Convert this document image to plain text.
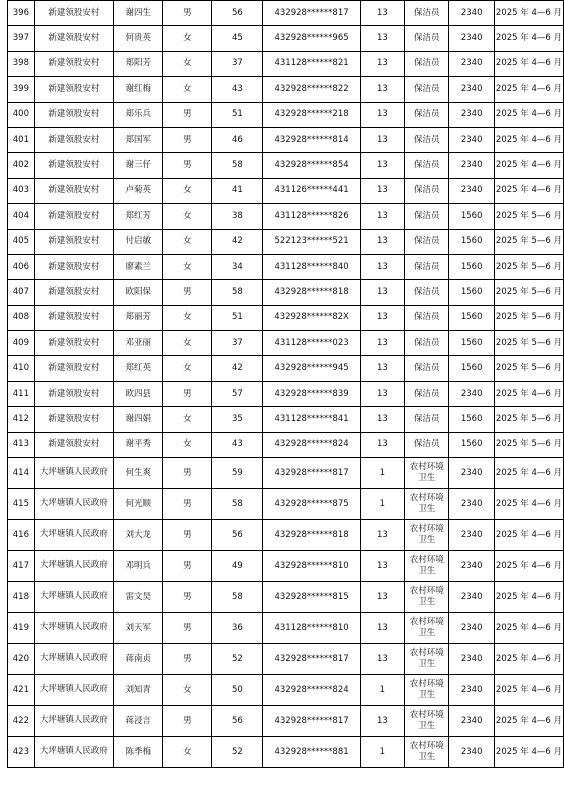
396	新建领股安村	谢四生	男	56	432928******817	13	保洁员	2340	2025 年 4—6 月
397	新建领股安村	何贵英	女	45	432928******965	13	保洁员	2340	2025 年 4—6 月
398	新建领股安村	郑阳芳	女	37	431128******821	13	保洁员	2340	2025 年 4—6 月
399	新建领股安村	谢红梅	女	43	432928******822	13	保洁员	2340	2025 年 4—6 月
400	新建领股安村	郑乐兵	男	51	432928******218	13	保洁员	2340	2025 年 4—6 月
401	新建领股安村	郑国军	男	46	432928******814	13	保洁员	2340	2025 年 4—6 月
402	新建领股安村	谢三仔	男	58	432928******854	13	保洁员	2340	2025 年 4—6 月
403	新建领股安村	卢菊英	女	41	431126******441	13	保洁员	2340	2025 年 4—6 月
404	新建领股安村	郑红芳	女	38	431128******826	13	保洁员	1560	2025 年 5—6 月
405	新建领股安村	付启敏	女	42	522123******521	13	保洁员	1560	2025 年 5—6 月
406	新建领股安村	廖素兰	女	34	431128******840	13	保洁员	1560	2025 年 5—6 月
407	新建领股安村	欧阳保	男	58	432928******818	13	保洁员	1560	2025 年 5—6 月
408	新建领股安村	郑丽芳	女	51	432928******82X	13	保洁员	1560	2025 年 5—6 月
409	新建领股安村	邓亚丽	女	37	431128******023	13	保洁员	1560	2025 年 5—6 月
410	新建领股安村	郑红英	女	42	432928******945	13	保洁员	1560	2025 年 5—6 月
411	新建领股安村	欧四县	男	57	432928******839	13	保洁员	2340	2025 年 4—6 月
412	新建领股安村	谢四娟	女	35	431128******841	13	保洁员	1560	2025 年 5—6 月
413	新建领股安村	谢平秀	女	43	432928******824	13	保洁员	1560	2025 年 5—6 月
414	大坪塘镇人民政府	何生爽	男	59	432928******817	1	农村环境卫生	2340	2025 年 4—6 月
415	大坪塘镇人民政府	何光顺	男	58	432928******875	1	农村环境卫生	2340	2025 年 4—6 月
416	大坪塘镇人民政府	刘大龙	男	56	432928******818	13	农村环境卫生	2340	2025 年 4—6 月
417	大坪塘镇人民政府	邓明兵	男	49	432928******810	13	农村环境卫生	2340	2025 年 4—6 月
418	大坪塘镇人民政府	雷文昊	男	58	432928******815	13	农村环境卫生	2340	2025 年 4—6 月
419	大坪塘镇人民政府	刘天军	男	36	431128******810	13	农村环境卫生	2340	2025 年 4—6 月
420	大坪塘镇人民政府	蒋南贞	男	52	432928******817	13	农村环境卫生	2340	2025 年 4—6 月
421	大坪塘镇人民政府	刘知青	女	50	432928******824	1	农村环境卫生	2340	2025 年 4—6 月
422	大坪塘镇人民政府	蒋浸言	男	56	432928******817	13	农村环境卫生	2340	2025 年 4—6 月
423	大坪塘镇人民政府	陈季梅	女	52	432928******881	1	农村环境卫生	2340	2025 年 4—6 月
